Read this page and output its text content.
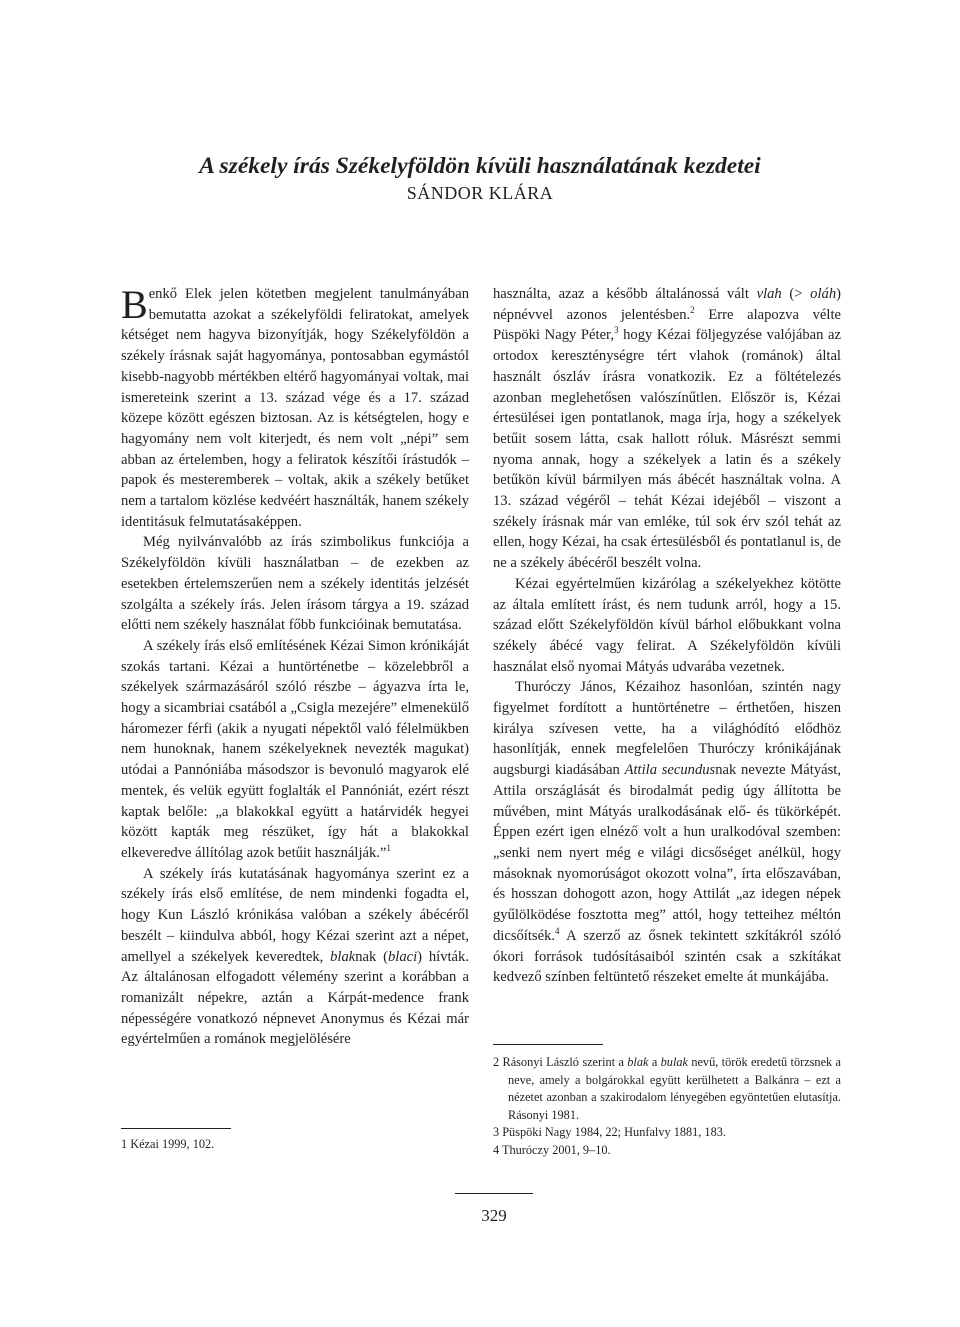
A székely írás Székelyföldön kívüli használatának kezdetei
SÁNDOR KLÁRA

Benkő Elek jelen kötetben megjelent tanulmányában bemutatta azokat a székelyföldi feliratokat, amelyek kétséget nem hagyva bizonyítják, hogy Székelyföldön a székely írásnak saját hagyománya, pontosabban egymástól kisebb-nagyobb mértékben eltérő hagyományai voltak, mai ismereteink szerint a 13. század vége és a 17. század közepe között egészen biztosan. Az is kétségtelen, hogy e hagyomány nem volt kiterjedt, és nem volt „népi” sem abban az értelemben, hogy a feliratok készítői írástudók – papok és mesteremberek – voltak, akik a székely betűket nem a tartalom közlése kedvéért használták, hanem székely identitásuk felmutatásaképpen.

Még nyilvánvalóbb az írás szimbolikus funkciója a Székelyföldön kívüli használatban – de ezekben az esetekben értelemszerűen nem a székely identitás jelzését szolgálta a székely írás. Jelen írásom tárgya a 19. század előtti nem székely használat főbb funkcióinak bemutatása.

A székely írás első említésének Kézai Simon krónikáját szokás tartani. Kézai a huntörténetbe – közelebbről a székelyek származásáról szóló részbe – ágyazva írta le, hogy a sicambriai csatából a „Csigla mezejére” elmenekülő háromezer férfi (akik a nyugati népektől való félelmükben nem hunoknak, hanem székelyeknek nevezték magukat) utódai a Pannóniába másodszor is bevonuló magyarok elé mentek, és velük együtt foglalták el Pannóniát, ezért részt kaptak belőle: „a blakokkal együtt a határvidék hegyei között kapták meg részüket, így hát a blakokkal elkeveredve állítólag azok betűit használják.”$^1$

A székely írás kutatásának hagyománya szerint ez a székely írás első említése, de nem mindenki fogadta el, hogy Kun László krónikása valóban a székely ábécéről beszélt – kiindulva abból, hogy Kézai szerint azt a népet, amellyel a székelyek keveredtek, blaknak (blaci) hívták. Az általánosan elfogadott vélemény szerint a korábban a romanizált népekre, aztán a Kárpát-medence frank népességére vonatkozó népnevet Anonymus és Kézai már egyértelműen a románok megjelölésére

használta, azaz a később általánossá vált vlah (> oláh) népnévvel azonos jelentésben.$^2$ Erre alapozva vélte Püspöki Nagy Péter,$^3$ hogy Kézai följegyzése valójában az ortodox kereszténységre tért vlahok (románok) által használt ószláv írásra vonatkozik. Ez a föltételezés azonban meglehetősen valószínűtlen. Először is, Kézai értesülései igen pontatlanok, maga írja, hogy a székelyek betűit sosem látta, csak hallott róluk. Másrészt semmi nyoma annak, hogy a székelyek a latin és a székely betűkön kívül bármilyen más ábécét használtak volna. A 13. század végéről – tehát Kézai idejéből – viszont a székely írásnak már van emléke, túl sok érv szól tehát az ellen, hogy Kézai, ha csak értesülésből és pontatlanul is, de ne a székely ábécéről beszélt volna.

Kézai egyértelműen kizárólag a székelyekhez kötötte az általa említett írást, és nem tudunk arról, hogy a 15. század előtt Székelyföldön kívül bárhol előbukkant volna székely ábécé vagy felirat. A Székelyföldön kívüli használat első nyomai Mátyás udvarába vezetnek.

Thuróczy János, Kézaihoz hasonlóan, szintén nagy figyelmet fordított a huntörténetre – érthetően, hiszen királya szívesen vette, ha a világhódító elődhöz hasonlítják, ennek megfelelően Thuróczy krónikájának augsburgi kiadásában Attila secundusnak nevezte Mátyást, Attila országlását és birodalmát pedig úgy állította be művében, mint Mátyás uralkodásának elő- és tükörképét. Éppen ezért igen elnéző volt a hun uralkodóval szemben: „senki nem nyert még e világi dicsőséget anélkül, hogy másoknak nyomorúságot okozott volna”, írta előszavában, és hosszan dohogott azon, hogy Attilát „az idegen népek gyűlölködése fosztotta meg” attól, hogy tetteihez méltón dicsőítsék.$^4$ A szerző az ősnek tekintett szkítákról szóló ókori források tudósításaiból szintén csak a szkítákat kedvező színben feltüntető részeket emelte át munkájába.

1 Kézai 1999, 102.
2 Rásonyi László szerint a blak a bulak nevű, török eredetű törzsnek a neve, amely a bolgárokkal együtt kerülhetett a Balkánra – ezt a nézetet azonban a szakirodalom lényegében egyöntetűen elutasítja. Rásonyi 1981.
3 Püspöki Nagy 1984, 22; Hunfalvy 1881, 183.
4 Thuróczy 2001, 9–10.
329
